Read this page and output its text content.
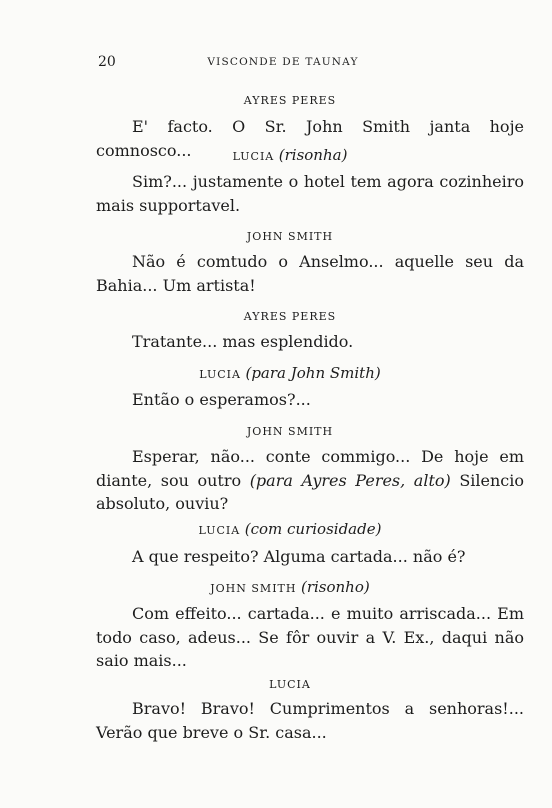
20	VISCONDE DE TAUNAY
AYRES PERES

E' facto. O Sr. John Smith janta hoje comnosco...	LUCIA (risonha)

Sim?... justamente o hotel tem agora cozinheiro mais supportavel.

JOHN SMITH

Não é comtudo o Anselmo... aquelle seu da Bahia... Um artista!

AYRES PERES

Tratante... mas esplendido.

LUCIA (para John Smith)

Então o esperamos?...

JOHN SMITH

Esperar, não... conte commigo... De hoje em diante, sou outro (para Ayres Peres, alto) Silencio absoluto, ouviu?

LUCIA (com curiosidade)

A que respeito? Alguma cartada... não é?

JOHN SMITH (risonho)

Com effeito... cartada... e muito arriscada... Em todo caso, adeus... Se fôr ouvir a V. Ex., daqui não saio mais...

LUCIA

Bravo! Bravo! Cumprimentos a senhoras!... Verão que breve o Sr. casa...
